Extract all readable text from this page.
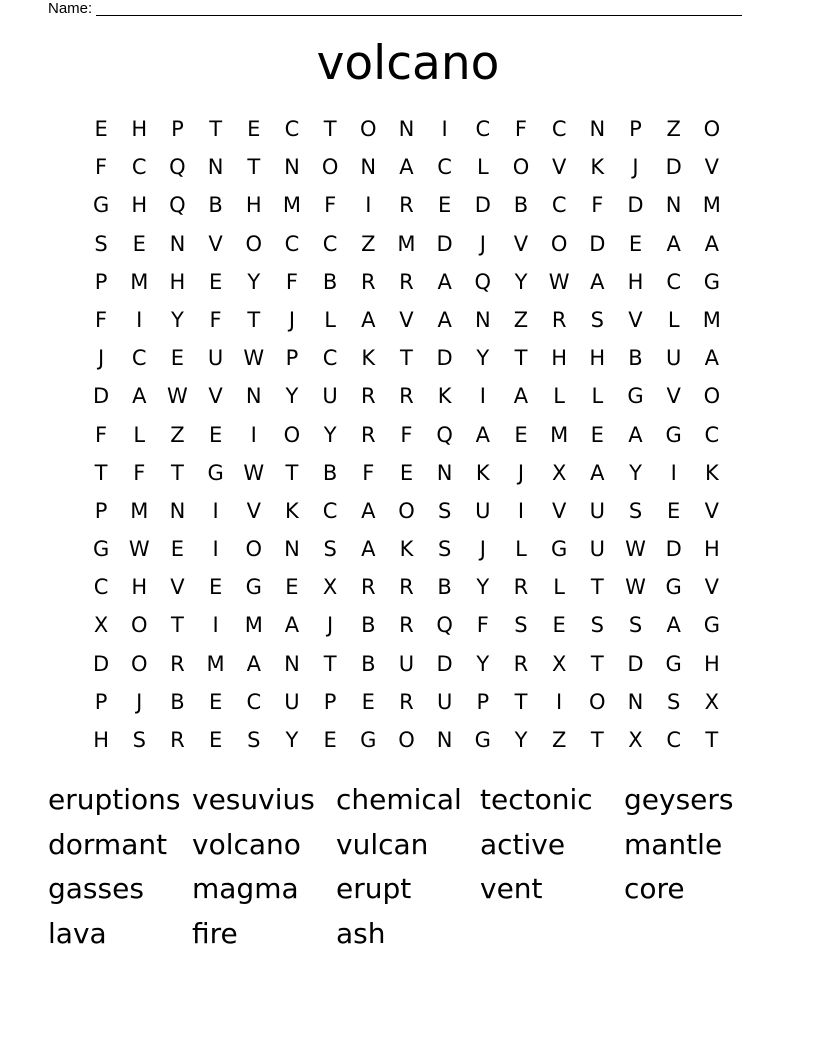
Name:
volcano
E	H	P	T	E	C	T	O	N	I	C	F	C	N	P	Z	O
F	C	Q	N	T	N	O	N	A	C	L	O	V	K	J	D	V
G	H	Q	B	H	M	F	I	R	E	D	B	C	F	D	N	M
S	E	N	V	O	C	C	Z	M	D	J	V	O	D	E	A	A
P	M	H	E	Y	F	B	R	R	A	Q	Y	W A	H	C	G
F	I	Y	F	T	J	L	A	V	A	N	Z	R	S	V	L	M
J	C	E	U W	P	C	K	T	D	Y	T	H	H	B	U	A
D	A W V	N	Y	U	R	R	K	I	A	L	L	G	V	O
F	L	Z	E	I	O	Y	R	F	Q	A	E	M	E	A	G	C
T	F	T	G W	T	B	F	E	N	K	J	X	A	Y	I	K
P	M	N	I	V	K	C	A	O	S	U	I	V	U	S	E	V
G W	E	I	O	N	S	A	K	S	J	L	G	U W D	H
C	H	V	E	G	E	X	R	R	B	Y	R	L	T	W G	V
X	O	T	I	M	A	J	B	R	Q	F	S	E	S	S	A	G
D	O	R	M	A	N	T	B	U	D	Y	R	X	T	D	G	H
P	J	B	E	C	U	P	E	R	U	P	T	I	O	N	S	X
H	S	R	E	S	Y	E	G	O	N	G	Y	Z	T	X	C	T
eruptions vesuvius chemical tectonic	geysers
dormant volcano	vulcan	active	mantle
gasses	magma	erupt	vent	core
lava	fire	ash
